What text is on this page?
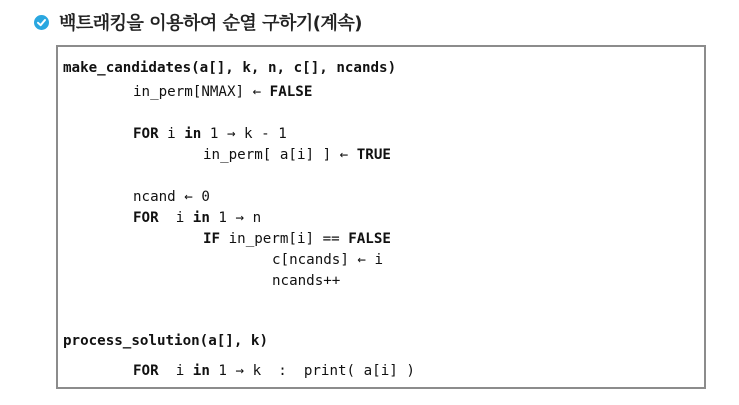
백트래킹을 이용하여 순열 구하기(계속)
make_candidates(a[], k, n, c[], ncands)
in_perm[NMAX] ← FALSE
FOR i in 1 → k - 1
in_perm[ a[i] ] ← TRUE
ncand ← 0
FOR  i in 1 → n
IF in_perm[i] == FALSE
c[ncands] ← i
ncands++
process_solution(a[], k)
FOR  i in 1 → k  :  print( a[i] )
